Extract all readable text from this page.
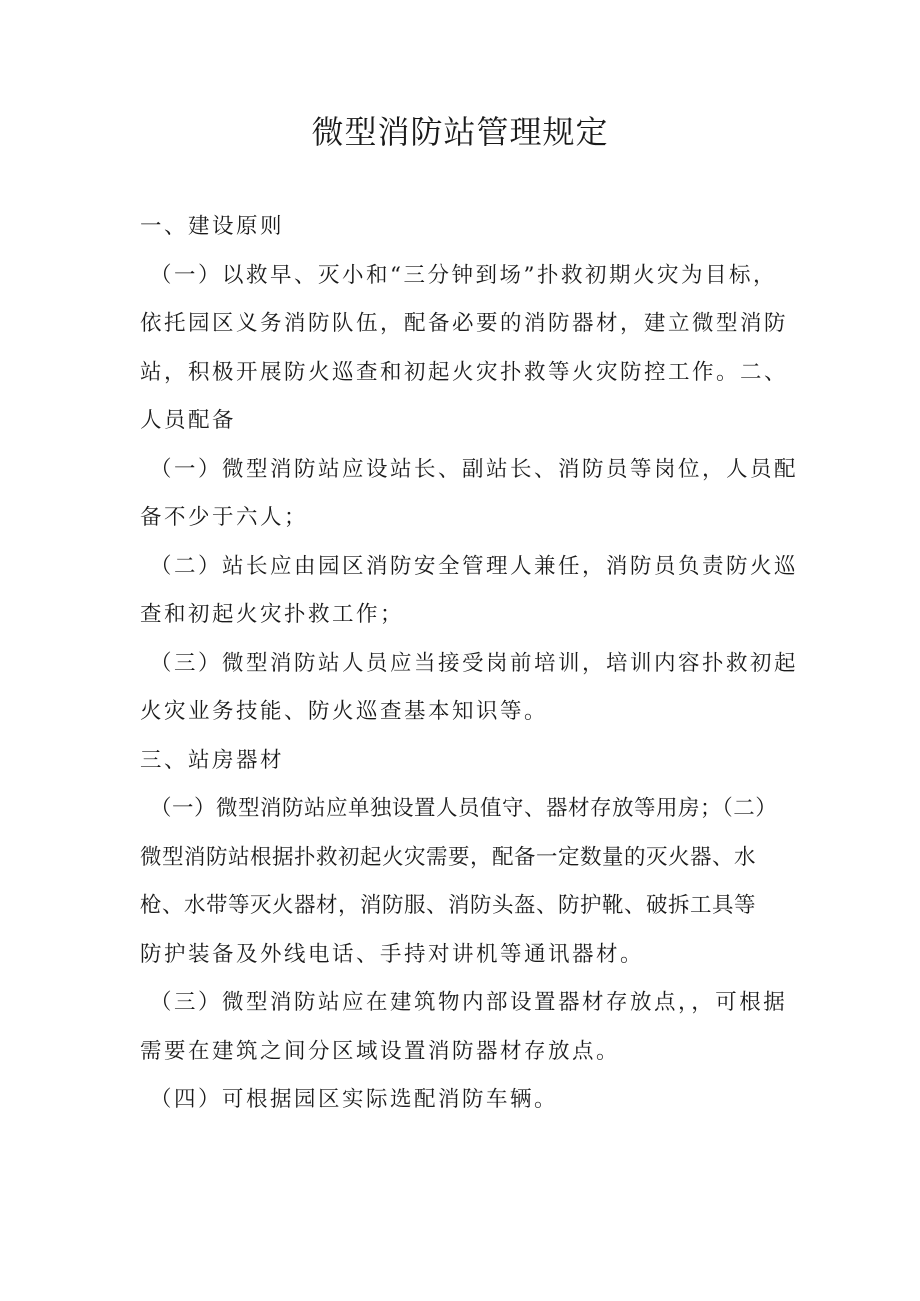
微型消防站管理规定
一、建设原则
（一）以救早、灭小和“三分钟到场”扑救初期火灾为目标，
依托园区义务消防队伍，配备必要的消防器材，建立微型消防
站，积极开展防火巡查和初起火灾扑救等火灾防控工作。二、
人员配备
（一）微型消防站应设站长、副站长、消防员等岗位，人员配
备不少于六人；
（二）站长应由园区消防安全管理人兼任，消防员负责防火巡
查和初起火灾扑救工作；
（三）微型消防站人员应当接受岗前培训，培训内容扑救初起
火灾业务技能、防火巡查基本知识等。
三、站房器材
（一）微型消防站应单独设置人员值守、器材存放等用房；（二）
微型消防站根据扑救初起火灾需要，配备一定数量的灭火器、水
枪、水带等灭火器材，消防服、消防头盔、防护靴、破拆工具等
防护装备及外线电话、手持对讲机等通讯器材。
（三）微型消防站应在建筑物内部设置器材存放点，，可根据
需要在建筑之间分区域设置消防器材存放点。
（四）可根据园区实际选配消防车辆。
